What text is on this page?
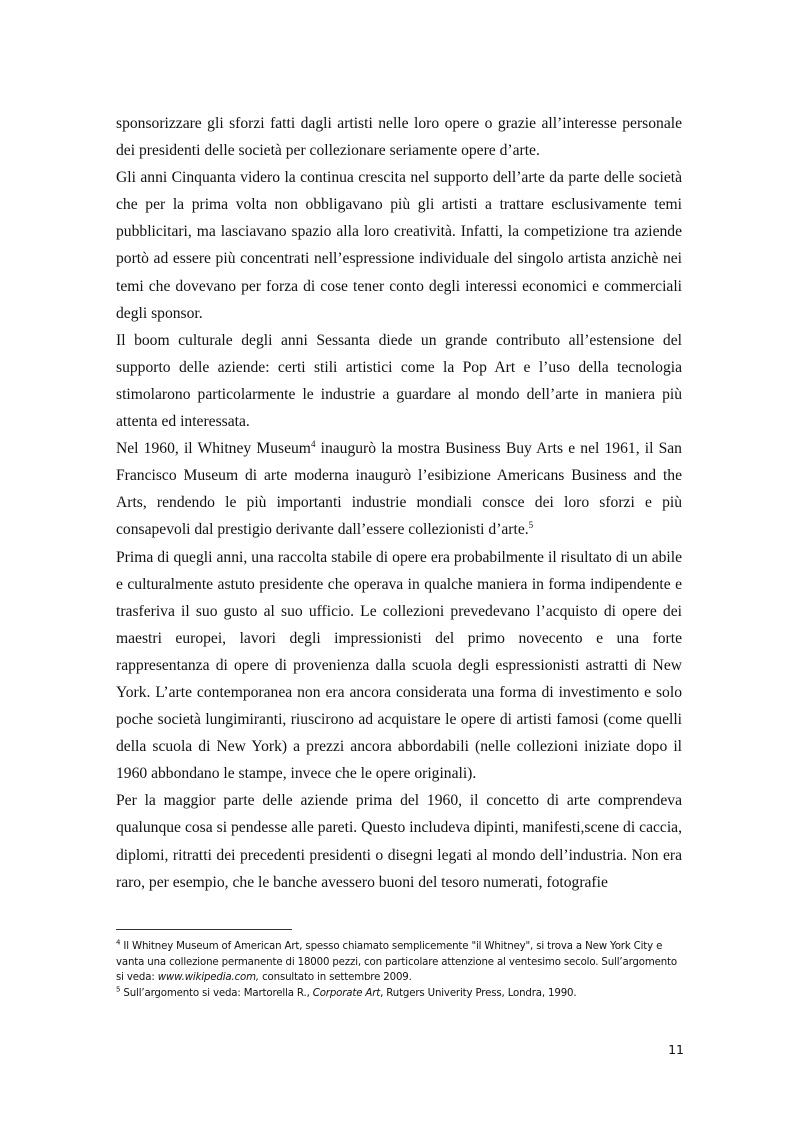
sponsorizzare gli sforzi fatti dagli artisti nelle loro opere o grazie all’interesse personale dei presidenti delle società per collezionare seriamente opere d’arte.

Gli anni Cinquanta videro la continua crescita nel supporto dell’arte da parte delle società che per la prima volta non obbligavano più gli artisti a trattare esclusivamente temi pubblicitari, ma lasciavano spazio alla loro creatività. Infatti, la competizione tra aziende portò ad essere più concentrati nell’espressione individuale del singolo artista anzichè nei temi che dovevano per forza di cose tener conto degli interessi economici e commerciali degli sponsor.

Il boom culturale degli anni Sessanta diede un grande contributo all’estensione del supporto delle aziende: certi stili artistici come la Pop Art e l’uso della tecnologia stimolarono particolarmente le industrie a guardare al mondo dell’arte in maniera più attenta ed interessata.

Nel 1960, il Whitney Museum$^4$ inaugurò la mostra Business Buy Arts e nel 1961, il San Francisco Museum di arte moderna inaugurò l’esibizione Americans Business and the Arts, rendendo le più importanti industrie mondiali consce dei loro sforzi e più consapevoli dal prestigio derivante dall’essere collezionisti d’arte.$^5$

Prima di quegli anni, una raccolta stabile di opere era probabilmente il risultato di un abile e culturalmente astuto presidente che operava in qualche maniera in forma indipendente e trasferiva il suo gusto al suo ufficio. Le collezioni prevedevano l’acquisto di opere dei maestri europei, lavori degli impressionisti del primo novecento e una forte rappresentanza di opere di provenienza dalla scuola degli espressionisti astratti di New York. L’arte contemporanea non era ancora considerata una forma di investimento e solo poche società lungimiranti, riuscirono ad acquistare le opere di artisti famosi (come quelli della scuola di New York) a prezzi ancora abbordabili (nelle collezioni iniziate dopo il 1960 abbondano le stampe, invece che le opere originali).

Per la maggior parte delle aziende prima del 1960, il concetto di arte comprendeva qualunque cosa si pendesse alle pareti. Questo includeva dipinti, manifesti,scene di caccia, diplomi, ritratti dei precedenti presidenti o disegni legati al mondo dell’industria. Non era raro, per esempio, che le banche avessero buoni del tesoro numerati, fotografie

$^4$ Il Whitney Museum of American Art, spesso chiamato semplicemente "il Whitney", si trova a New York City e vanta una collezione permanente di 18000 pezzi, con particolare attenzione al ventesimo secolo. Sull’argomento si veda: www.wikipedia.com, consultato in settembre 2009.

$^5$ Sull’argomento si veda: Martorella R., Corporate Art, Rutgers Univerity Press, Londra, 1990.

11
